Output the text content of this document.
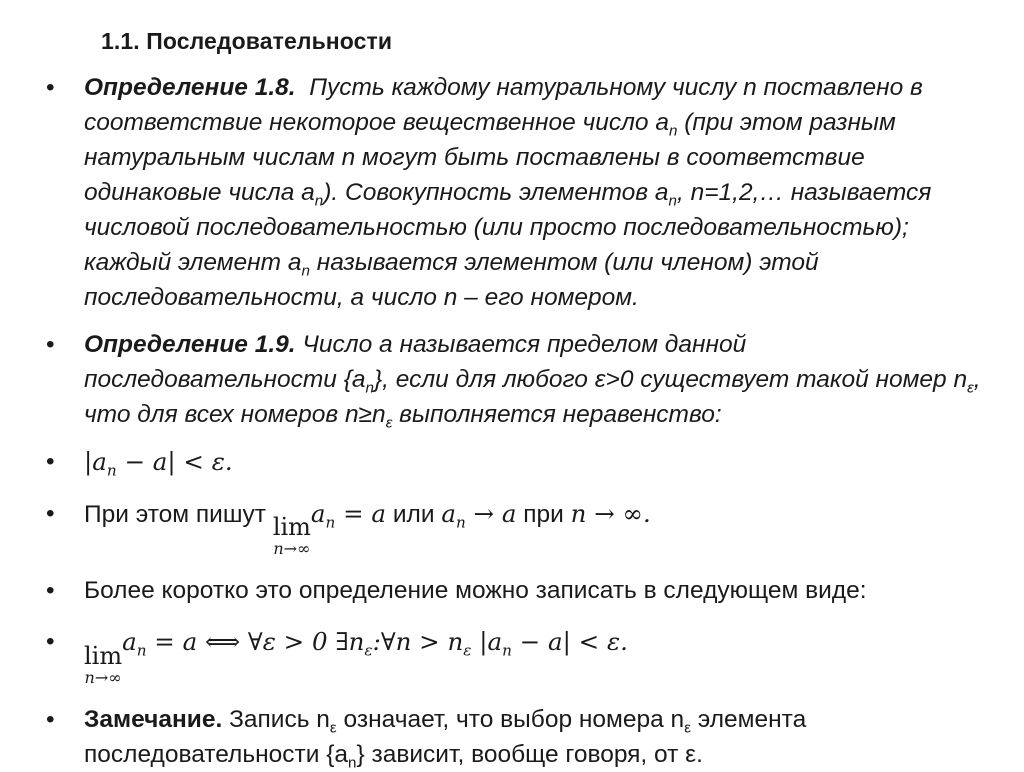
1.1. Последовательности
•	Определение 1.8. Пусть каждому натуральному числу n поставлено в соответствие некоторое вещественное число $a_n$ (при этом разным натуральным числам n могут быть поставлены в соответствие одинаковые числа $a_n$). Совокупность элементов $a_n$, n=1,2,… называется числовой последовательностью (или просто последовательностью); каждый элемент $a_n$ называется элементом (или членом) этой последовательности, а число n – его номером.
•	Определение 1.9. Число a называется пределом данной последовательности $\{a_n\}$, если для любого ε>0 существует такой номер $n_\varepsilon$, что для всех номеров $n\ge n_\varepsilon$ выполняется неравенство:
•	$|a_n - a| < \varepsilon$.
•	При этом пишут lim
n→∞
$a_n = a$ или $a_n \to a$ при n → ∞.
•	Более коротко это определение можно записать в следующем виде:
•	lim
n→∞
$a_n = a$ ⟺ ∀ε > 0 $\exists n_\varepsilon:\forall n > n_\varepsilon$ $|a_n - a| < \varepsilon$.
•	Замечание. Запись $n_\varepsilon$ означает, что выбор номера $n_\varepsilon$ элемента последовательности $\{a_n\}$ зависит, вообще говоря, от ε.
